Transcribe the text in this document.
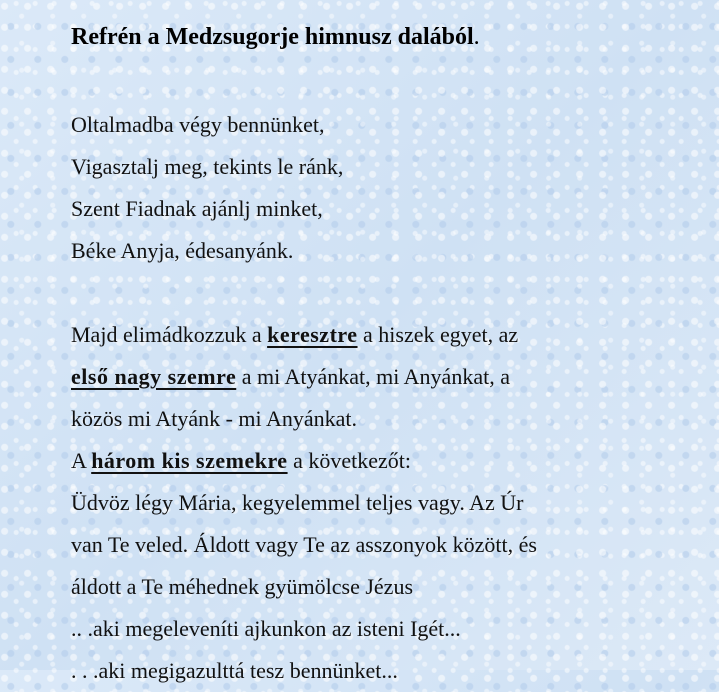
Refrén a Medzsugorje himnusz dalából.

Oltalmadba végy bennünket,

Vigasztalj meg, tekints le ránk,

Szent Fiadnak ajánlj minket,

Béke Anyja, édesanyánk.

Majd elimádkozzuk a keresztre a hiszek egyet, az

első nagy szemre a mi Atyánkat, mi Anyánkat, a

közös mi Atyánk - mi Anyánkat.

A három kis szemekre a következőt:

Üdvöz légy Mária, kegyelemmel teljes vagy. Az Úr

van Te veled. Áldott vagy Te az asszonyok között, és

áldott a Te méhednek gyümölcse Jézus

.. .aki megeleveníti ajkunkon az isteni Igét...

. . .aki megigazulttá tesz bennünket...
